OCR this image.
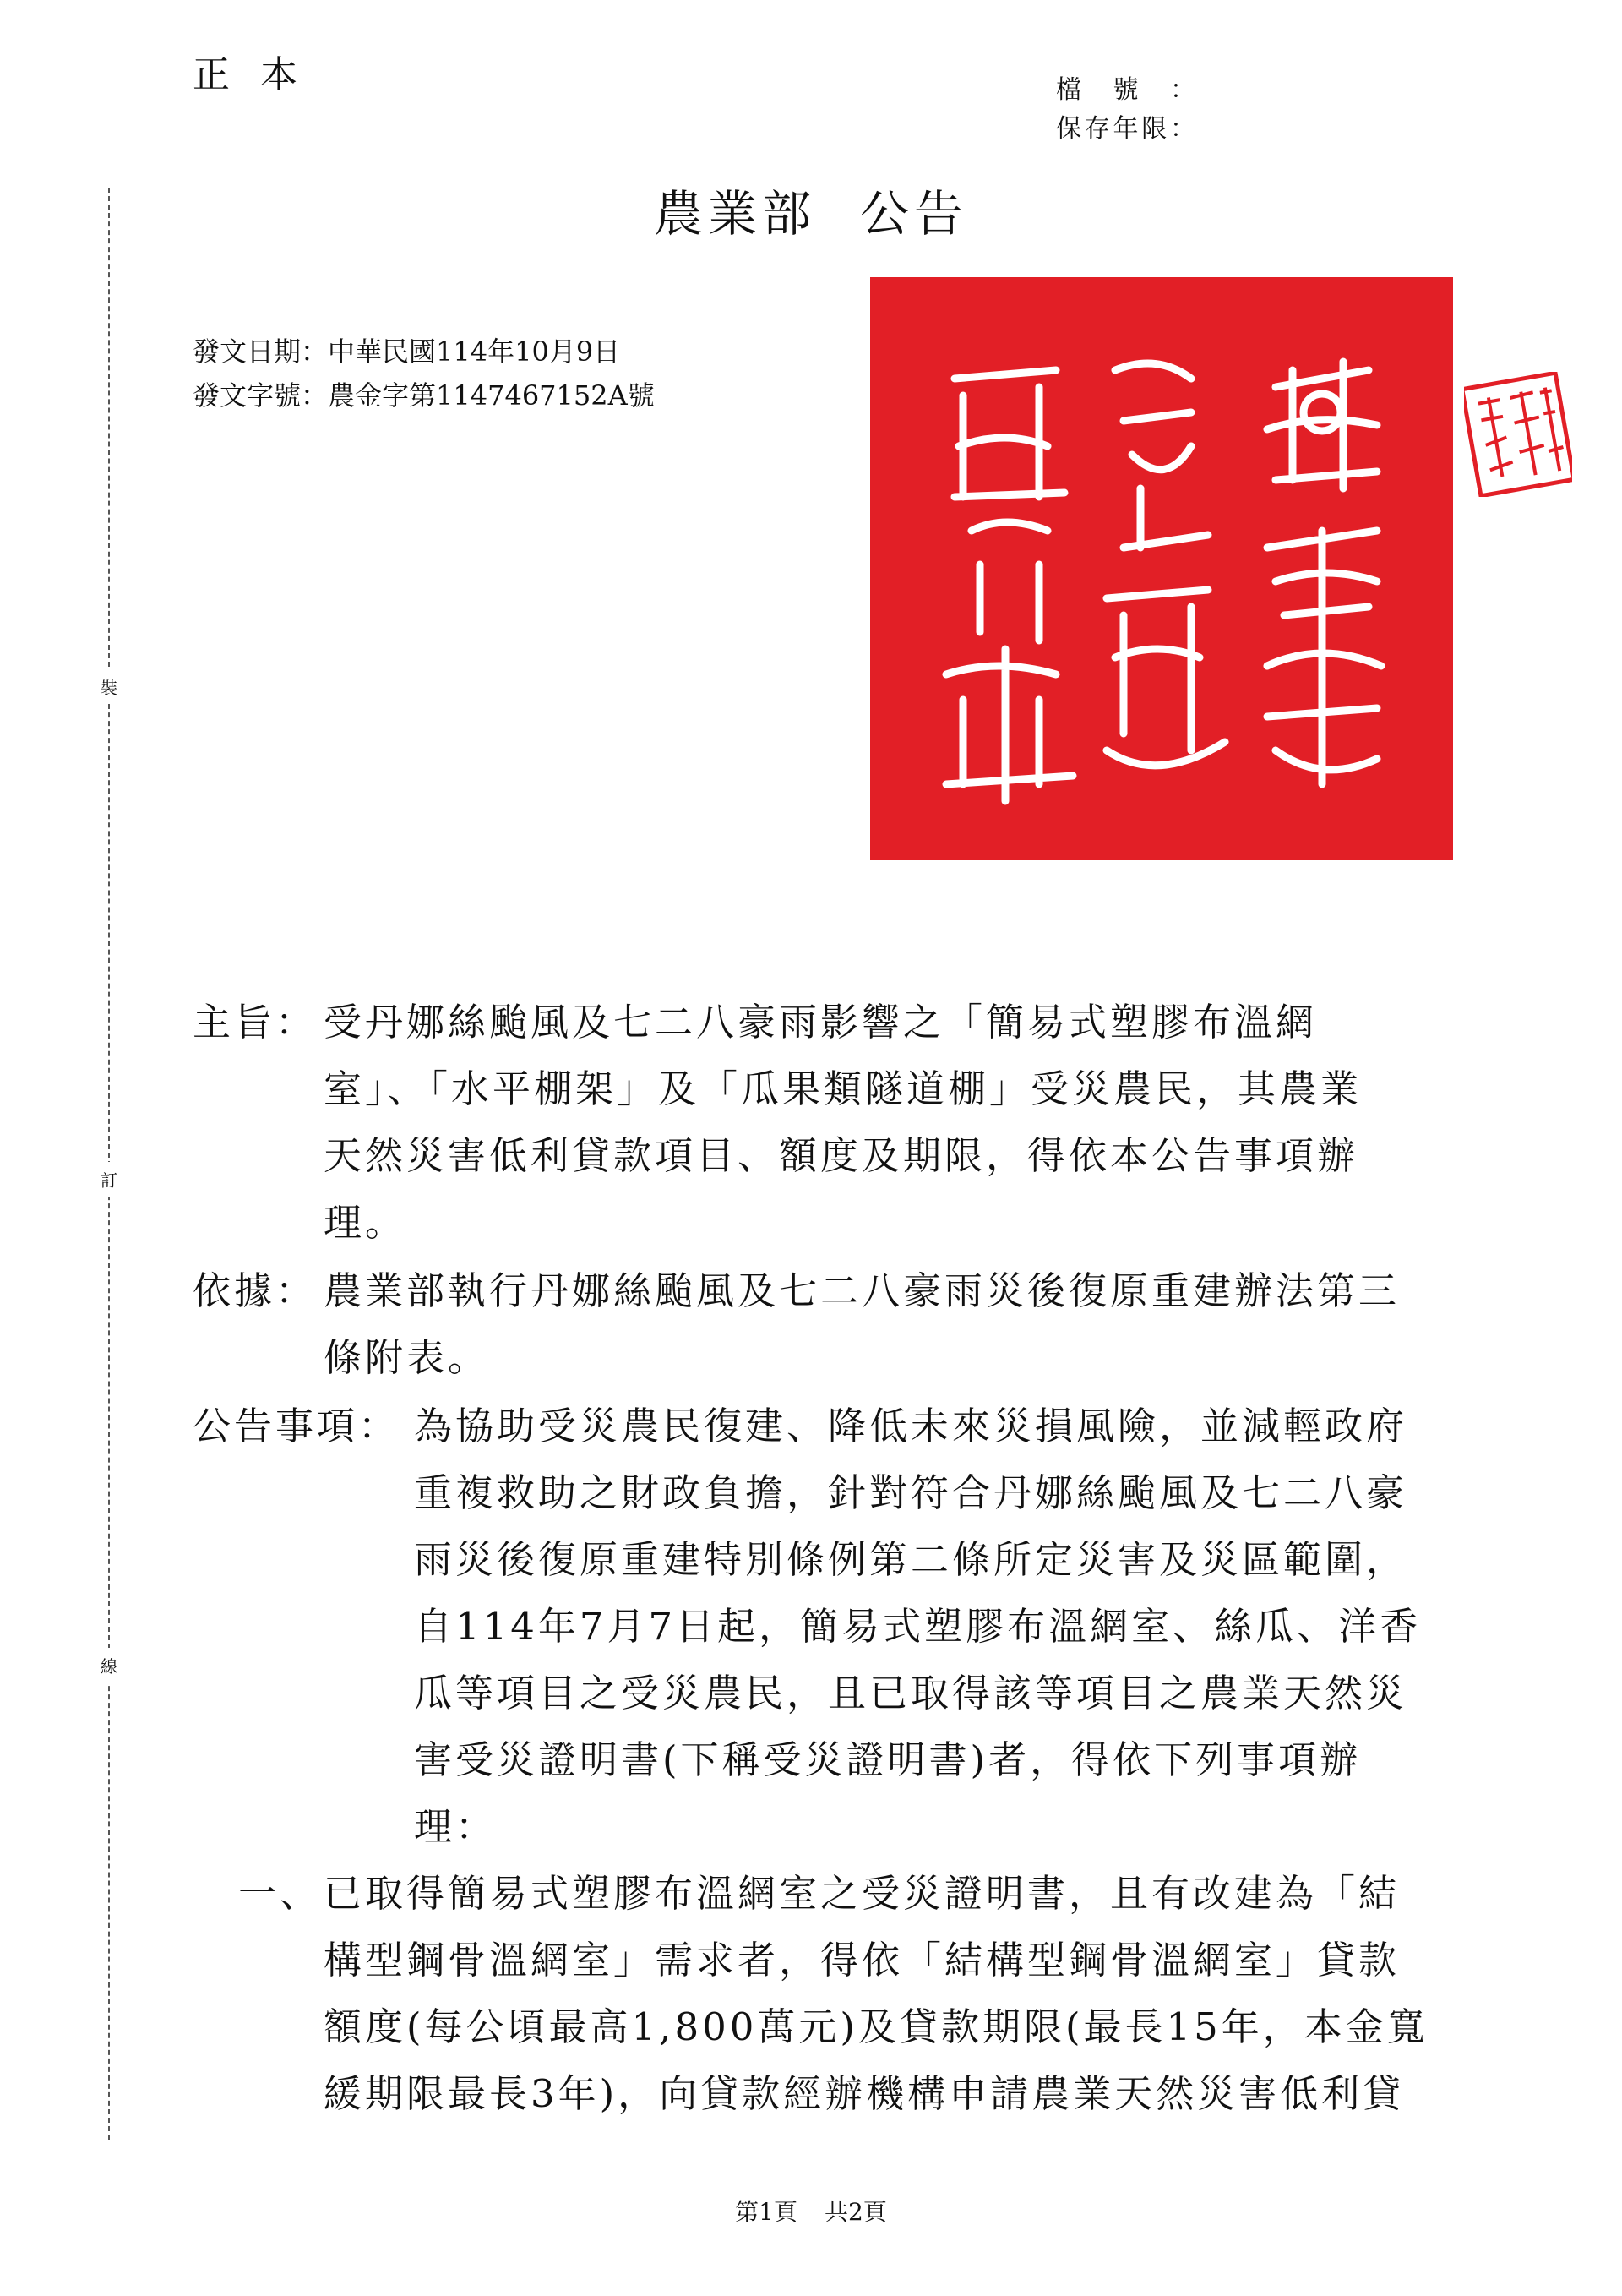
正本	檔號：
保存年限：
裝
訂
線
農業部 公告
發文日期：中華民國114年10月9日
發文字號：農金字第1147467152A號
主旨： 受丹娜絲颱風及七二八豪雨影響之「簡易式塑膠布溫網
室」、「水平棚架」及「瓜果類隧道棚」受災農民，其農業
天然災害低利貸款項目、額度及期限，得依本公告事項辦
理。
依據： 農業部執行丹娜絲颱風及七二八豪雨災後復原重建辦法第三
條附表。
公告事項： 為協助受災農民復建、降低未來災損風險，並減輕政府
重複救助之財政負擔，針對符合丹娜絲颱風及七二八豪
雨災後復原重建特別條例第二條所定災害及災區範圍，
自114年7月7日起，簡易式塑膠布溫網室、絲瓜、洋香
瓜等項目之受災農民，且已取得該等項目之農業天然災
害受災證明書(下稱受災證明書)者，得依下列事項辦
理：
一、 已取得簡易式塑膠布溫網室之受災證明書，且有改建為「結
構型鋼骨溫網室」需求者，得依「結構型鋼骨溫網室」貸款
額度(每公頃最高1,800萬元)及貸款期限(最長15年，本金寬
緩期限最長3年)，向貸款經辦機構申請農業天然災害低利貸
第1頁 共2頁
